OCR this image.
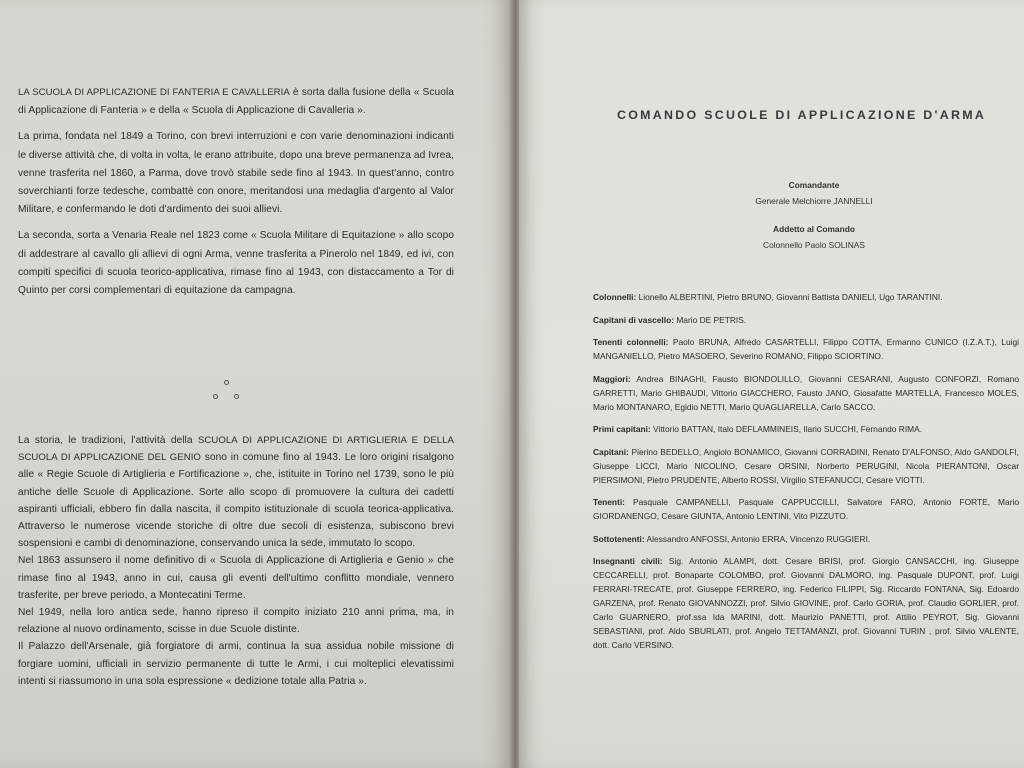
LA SCUOLA DI APPLICAZIONE DI FANTERIA E CAVALLERIA è sorta dalla fusione della « Scuola di Applicazione di Fanteria » e della « Scuola di Applicazione di Cavalleria ».

La prima, fondata nel 1849 a Torino, con brevi interruzioni e con varie denominazioni indicanti le diverse attività che, di volta in volta, le erano attribuite, dopo una breve permanenza ad Ivrea, venne trasferita nel 1860, a Parma, dove trovò stabile sede fino al 1943. In quest'anno, contro soverchianti forze tedesche, combattè con onore, meritandosi una medaglia d'argento al Valor Militare, e confermando le doti d'ardimento dei suoi allievi.

La seconda, sorta a Venaria Reale nel 1823 come « Scuola Militare di Equitazione » allo scopo di addestrare al cavallo gli allievi di ogni Arma, venne trasferita a Pinerolo nel 1849, ed ivi, con compiti specifici di scuola teorico-applicativa, rimase fino al 1943, con distaccamento a Tor di Quinto per corsi complementari di equitazione da campagna.

La storia, le tradizioni, l'attività della SCUOLA DI APPLICAZIONE DI ARTIGLIERIA E DELLA SCUOLA DI APPLICAZIONE DEL GENIO sono in comune fino al 1943. Le loro origini risalgono alle « Regie Scuole di Artiglieria e Fortificazione », che, istituite in Torino nel 1739, sono le più antiche delle Scuole di Applicazione. Sorte allo scopo di promuovere la cultura dei cadetti aspiranti ufficiali, ebbero fin dalla nascita, il compito istituzionale di scuola teorica-applicativa. Attraverso le numerose vicende storiche di oltre due secoli di esistenza, subiscono brevi sospensioni e cambi di denominazione, conservando unica la sede, immutato lo scopo.

Nel 1863 assunsero il nome definitivo di « Scuola di Applicazione di Artiglieria e Genio » che rimase fino al 1943, anno in cui, causa gli eventi dell'ultimo conflitto mondiale, vennero trasferite, per breve periodo, a Montecatini Terme.

Nel 1949, nella loro antica sede, hanno ripreso il compito iniziato 210 anni prima, ma, in relazione al nuovo ordinamento, scisse in due Scuole distinte.

Il Palazzo dell'Arsenale, già forgiatore di armi, continua la sua assidua nobile missione di forgiare uomini, ufficiali in servizio permanente di tutte le Armi, i cui molteplici elevatissimi intenti si riassumono in una sola espressione « dedizione totale alla Patria ».

COMANDO SCUOLE DI APPLICAZIONE D'ARMA
Comandante
Generale Melchiorre JANNELLI
Addetto al Comando
Colonnello Paolo SOLINAS
Colonnelli: Lionello ALBERTINI, Pietro BRUNO, Giovanni Battista DANIELI, Ugo TARANTINI.
Capitani di vascello: Mario DE PETRIS.
Tenenti colonnelli: Paolo BRUNA, Alfredo CASARTELLI, Filippo COTTA, Ermanno CUNICO (I.Z.A.T.), Luigi MANGANIELLO, Pietro MASOERO, Severino ROMANO, Filippo SCIORTINO.
Maggiori: Andrea BINAGHI, Fausto BIONDOLILLO, Giovanni CESARANI, Augusto CONFORZI, Romano GARRETTI, Mario GHIBAUDI, Vittorio GIACCHERO, Fausto JANO, Giosafatte MARTELLA, Francesco MOLES, Mario MONTANARO, Egidio NETTI, Mario QUAGLIARELLA, Carlo SACCO.
Primi capitani: Vittorio BATTAN, Italo DEFLAMMINEIS, Ilario SUCCHI, Fernando RIMA.
Capitani: Pierino BEDELLO, Angiolo BONAMICO, Giovanni CORRADINI, Renato D'ALFONSO, Aldo GANDOLFI, Giuseppe LICCI, Mario NICOLINO, Cesare ORSINI, Norberto PERUGINI, Nicola PIERANTONI, Oscar PIERSIMONI, Pietro PRUDENTE, Alberto ROSSI, Virgilio STEFANUCCI, Cesare VIOTTI.
Tenenti: Pasquale CAMPANELLI, Pasquale CAPPUCCILLI, Salvatore FARO, Antonio FORTE, Mario GIORDANENGO, Cesare GIUNTA, Antonio LENTINI, Vito PIZZUTO.
Sottotenenti: Alessandro ANFOSSI, Antonio ERRA, Vincenzo RUGGIERI.
Insegnanti civili: Sig. Antonio ALAMPI, dott. Cesare BRISI, prof. Giorgio CANSACCHI, ing. Giuseppe CECCARELLI, prof. Bonaparte COLOMBO, prof. Giovanni DALMORO, ing. Pasquale DUPONT, prof. Luigi FERRARI-TRECATE, prof. Giuseppe FERRERO, ing. Federico FILIPPI, Sig. Riccardo FONTANA, Sig. Edoardo GARZENA, prof. Renato GIOVANNOZZI, prof. Silvio GIOVINE, prof. Carlo GORIA, prof. Claudio GORLIER, prof. Carlo GUARNERO, prof.ssa Ida MARINI, dott. Maurizio PANETTI, prof. Attilio PEYROT, Sig. Giovanni SEBASTIANI, prof. Aldo SBURLATI, prof. Angelo TETTAMANZI, prof. Giovanni TURIN , prof. Silvio VALENTE, dott. Carlo VERSINO.
